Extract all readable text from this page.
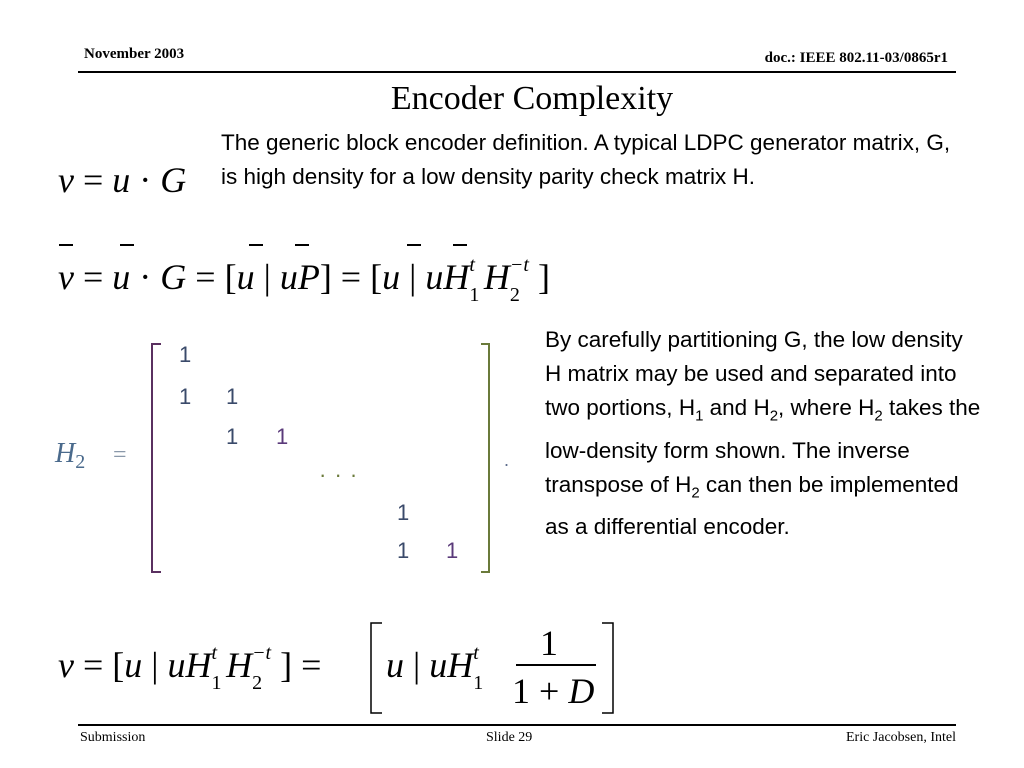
November 2003	doc.: IEEE 802.11-03/0865r1
Encoder Complexity
v = u · G
The generic block encoder definition. A typical LDPC generator matrix, G, is high density for a low density parity check matrix H.
v = u · G = [u | uP] = [u | $uH_1^t$ $H_2^{-t}$ ]
$H_2$ =
1
1 1
1 1
· · ·
1
1 1
.
By carefully partitioning G, the low density H matrix may be used and separated into two portions, $H_1$ and $H_2$, where $H_2$ takes the low-density form shown. The inverse transpose of $H_2$ can then be implemented as a differential encoder.
v = [u | $uH_1^t$ $H_2^{-t}$ ] = u | $uH_1^t$ 1
1 + D
Submission	Slide 29	Eric Jacobsen, Intel
